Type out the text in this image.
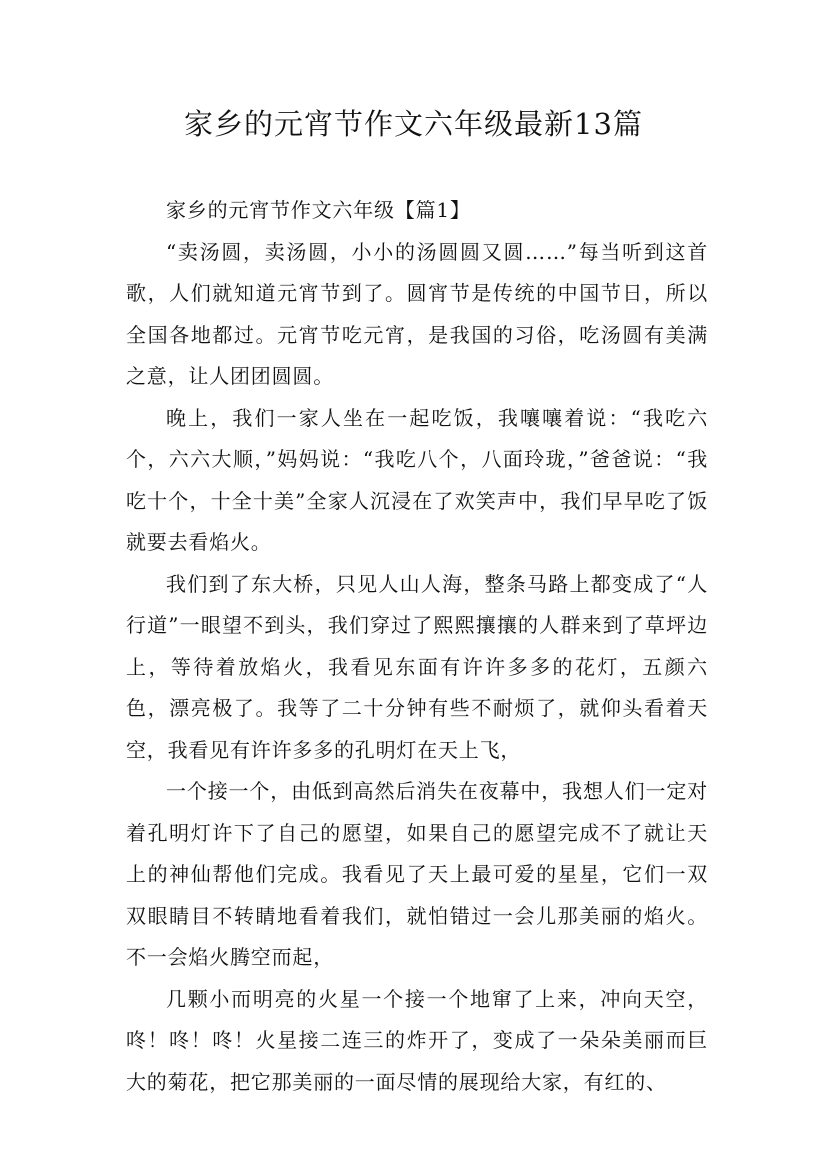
家乡的元宵节作文六年级最新13篇

家乡的元宵节作文六年级【篇1】

“卖汤圆，卖汤圆，小小的汤圆圆又圆……”每当听到这首歌，人们就知道元宵节到了。圆宵节是传统的中国节日，所以全国各地都过。元宵节吃元宵，是我国的习俗，吃汤圆有美满之意，让人团团圆圆。

晚上，我们一家人坐在一起吃饭，我嚷嚷着说：“我吃六个，六六大顺，”妈妈说：“我吃八个，八面玲珑，”爸爸说：“我吃十个，十全十美”全家人沉浸在了欢笑声中，我们早早吃了饭就要去看焰火。

我们到了东大桥，只见人山人海，整条马路上都变成了“人行道”一眼望不到头，我们穿过了熙熙攘攘的人群来到了草坪边上，等待着放焰火，我看见东面有许许多多的花灯，五颜六色，漂亮极了。我等了二十分钟有些不耐烦了，就仰头看着天空，我看见有许许多多的孔明灯在天上飞，

一个接一个，由低到高然后消失在夜幕中，我想人们一定对着孔明灯许下了自己的愿望，如果自己的愿望完成不了就让天上的神仙帮他们完成。我看见了天上最可爱的星星，它们一双双眼睛目不转睛地看着我们，就怕错过一会儿那美丽的焰火。不一会焰火腾空而起，

几颗小而明亮的火星一个接一个地窜了上来，冲向天空，咚！咚！咚！火星接二连三的炸开了，变成了一朵朵美丽而巨大的菊花，把它那美丽的一面尽情的展现给大家，有红的、
